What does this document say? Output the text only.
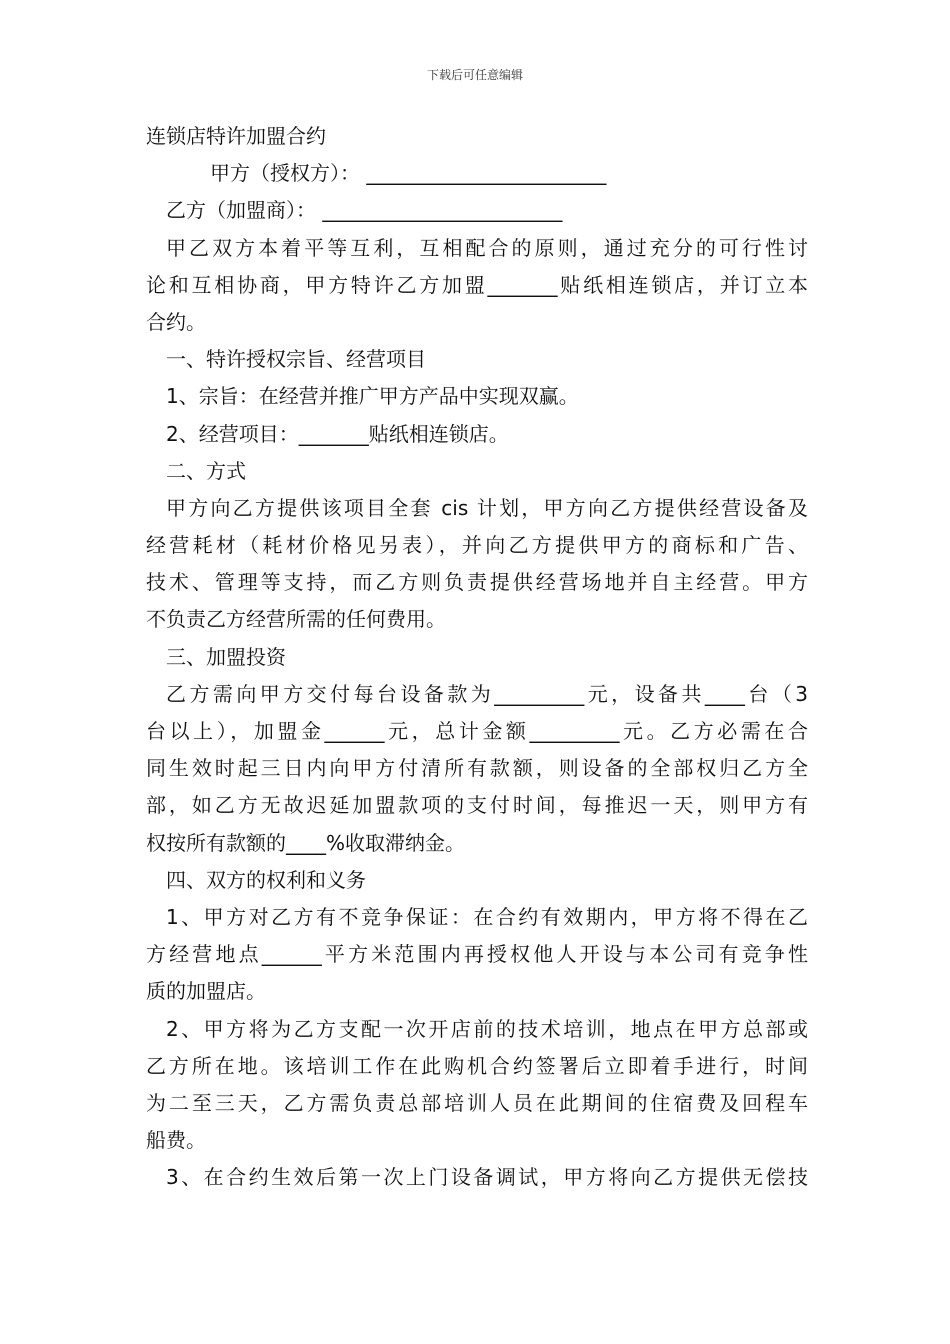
下载后可任意编辑
连锁店特许加盟合约
甲方（授权方）： ________________________
乙方（加盟商）： ________________________
甲乙双方本着平等互利，互相配合的原则，通过充分的可行性讨
论和互相协商，甲方特许乙方加盟_______贴纸相连锁店，并订立本
合约。
一、特许授权宗旨、经营项目
1、宗旨：在经营并推广甲方产品中实现双赢。
2、经营项目：_______贴纸相连锁店。
二、方式
甲方向乙方提供该项目全套 cis 计划，甲方向乙方提供经营设备及
经营耗材（耗材价格见另表），并向乙方提供甲方的商标和广告、
技术、管理等支持，而乙方则负责提供经营场地并自主经营。甲方
不负责乙方经营所需的任何费用。
三、加盟投资
乙方需向甲方交付每台设备款为_________元，设备共____台（3
台以上），加盟金______元，总计金额_________元。乙方必需在合
同生效时起三日内向甲方付清所有款额，则设备的全部权归乙方全
部，如乙方无故迟延加盟款项的支付时间，每推迟一天，则甲方有
权按所有款额的____%收取滞纳金。
四、双方的权利和义务
1、甲方对乙方有不竞争保证：在合约有效期内，甲方将不得在乙
方经营地点______平方米范围内再授权他人开设与本公司有竞争性
质的加盟店。
2、甲方将为乙方支配一次开店前的技术培训，地点在甲方总部或
乙方所在地。该培训工作在此购机合约签署后立即着手进行，时间
为二至三天，乙方需负责总部培训人员在此期间的住宿费及回程车
船费。
3、在合约生效后第一次上门设备调试，甲方将向乙方提供无偿技
